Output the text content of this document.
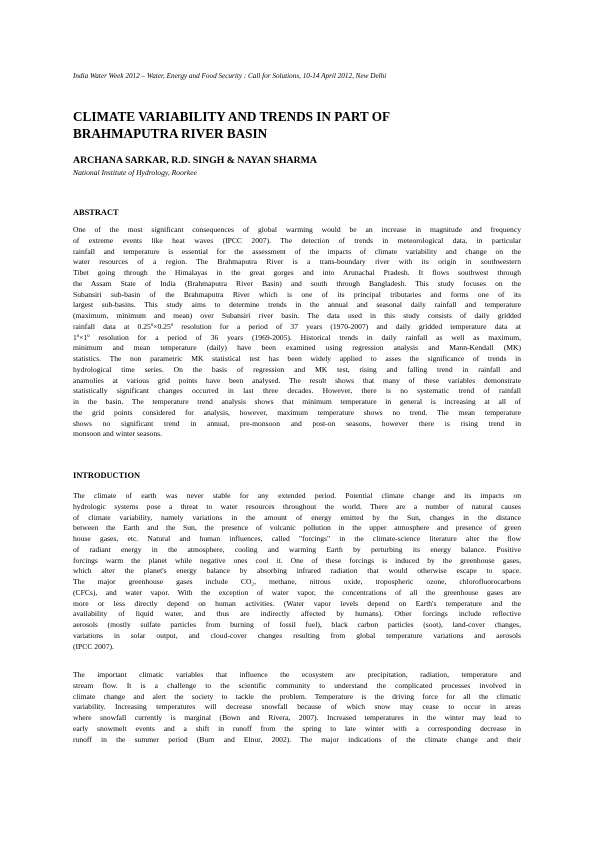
India Water Week 2012 – Water, Energy and Food Security : Call for Solutions, 10-14 April 2012, New Delhi
CLIMATE VARIABILITY AND TRENDS IN PART OF
BRAHMAPUTRA RIVER BASIN

ARCHANA SARKAR, R.D. SINGH & NAYAN SHARMA

National Institute of Hydrology, Roorkee

ABSTRACT
One of the most significant consequences of global warming would be an increase in magnitude and frequency
of extreme events like heat waves (IPCC 2007). The detection of trends in meteorological data, in particular
rainfall and temperature is essential for the assessment of the impacts of climate variability and change on the
water resources of a region. The Brahmaputra River is a trans-boundary river with its origin in southwestern
Tibet going through the Himalayas in the great gorges and into Arunachal Pradesh. It flows southwest through
the Assam State of India (Brahmaputra River Basin) and south through Bangladesh. This study focuses on the
Subansiri sub-basin of the Brahmaputra River which is one of its principal tributaries and forms one of its
largest sub-basins. This study aims to determine trends in the annual and seasonal daily rainfall and temperature
(maximum, minimum and mean) over Subansiri river basin. The data used in this study consists of daily gridded
rainfall data at 0.25º×0.25º resolution for a period of 37 years (1970-2007) and daily gridded temperature data at
1º×1º resolution for a period of 36 years (1969-2005). Historical trends in daily rainfall as well as maximum,
minimum and mean temperature (daily) have been examined using regression analysis and Mann-Kendall (MK)
statistics. The non parametric MK statistical test has been widely applied to asses the significance of trends in
hydrological time series. On the basis of regression and MK test, rising and falling trend in rainfall and
anamolies at various grid points have been analysed. The result shows that many of these variables demonstrate
statistically significant changes occurred in last three decades. However, there is no systematic trend of rainfall
in the basin. The temperature trend analysis shows that minimum temperature in general is increasing at all of
the grid points considered for analysis, however, maximum temperature shows no trend. The mean temperature
shows no significant trend in annual, pre-monsoon and post-on seasons, however there is rising trend in
monsoon and winter seasons.
INTRODUCTION
The climate of earth was never stable for any extended period. Potential climate change and its impacts on
hydrologic systems pose a threat to water resources throughout the world. There are a number of natural causes
of climate variability, namely variations in the amount of energy emitted by the Sun, changes in the distance
between the Earth and the Sun, the presence of volcanic pollution in the upper atmosphere and presence of green
house gases, etc. Natural and human influences, called "forcings" in the climate-science literature alter the flow
of radiant energy in the atmosphere, cooling and warming Earth by perturbing its energy balance. Positive
forcings warm the planet while negative ones cool it. One of these forcings is induced by the greenhouse gases,
which alter the planet's energy balance by absorbing infrared radiation that would otherwise escape to space.
The major greenhouse gases include CO₂, methane, nitrous oxide, tropospheric ozone, chlorofluorocarbons
(CFCs), and water vapor. With the exception of water vapor, the concentrations of all the greenhouse gases are
more or less directly depend on human activities. (Water vapor levels depend on Earth's temperature and the
availability of liquid water, and thus are indirectly affected by humans). Other forcings include reflective
aerosols (mostly sulfate particles from burning of fossil fuel), black carbon particles (soot), land-cover changes,
variations in solar output, and cloud-cover changes resulting from global temperature variations and aerosols
(IPCC 2007).
The important climatic variables that influence the ecosystem are precipitation, radiation, temperature and
stream flow. It is a challenge to the scientific community to understand the complicated processes involved in
climate change and alert the society to tackle the problem. Temperature is the driving force for all the climatic
variability. Increasing temperatures will decrease snowfall because of which snow may cease to occur in areas
where snowfall currently is marginal (Bown and Rivera, 2007). Increased temperatures in the winter may lead to
early snowmelt events and a shift in runoff from the spring to late winter with a corresponding decrease in
runoff in the summer period (Burn and Elnur, 2002). The major indications of the climate change and their
